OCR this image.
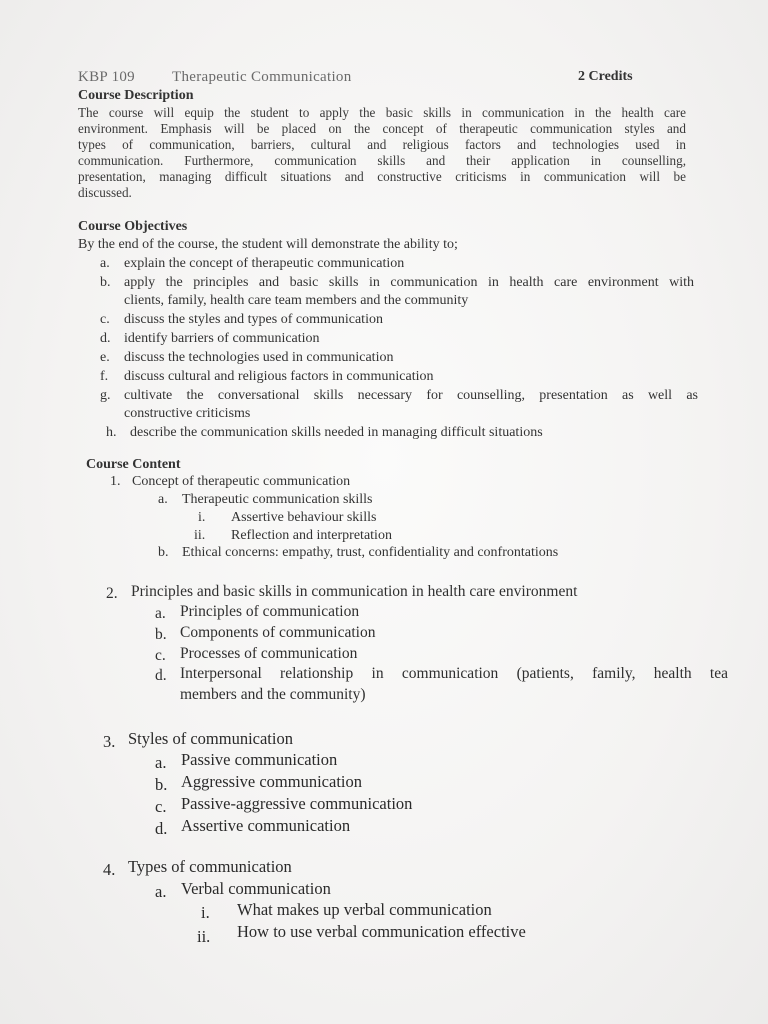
KBP 109 Therapeutic Communication	2 Credits
Course Description
The course will equip the student to apply the basic skills in communication in the health care
environment. Emphasis will be placed on the concept of therapeutic communication styles and
types of communication, barriers, cultural and religious factors and technologies used in
communication. Furthermore, communication skills and their application in counselling,
presentation, managing difficult situations and constructive criticisms in communication will be
discussed.
Course Objectives
By the end of the course, the student will demonstrate the ability to;
a. explain the concept of therapeutic communication
b. apply the principles and basic skills in communication in health care environment with
clients, family, health care team members and the community
c. discuss the styles and types of communication
d. identify barriers of communication
e. discuss the technologies used in communication
f. discuss cultural and religious factors in communication
g. cultivate the conversational skills necessary for counselling, presentation as well as
constructive criticisms
h. describe the communication skills needed in managing difficult situations
Course Content
1. Concept of therapeutic communication
a. Therapeutic communication skills
i. Assertive behaviour skills
ii. Reflection and interpretation
b. Ethical concerns: empathy, trust, confidentiality and confrontations
2. Principles and basic skills in communication in health care environment
a. Principles of communication
b. Components of communication
c. Processes of communication
d. Interpersonal relationship in communication (patients, family, health tea
members and the community)
3. Styles of communication
a. Passive communication
b. Aggressive communication
c. Passive-aggressive communication
d. Assertive communication
4. Types of communication
a. Verbal communication
i. What makes up verbal communication
ii. How to use verbal communication effective
